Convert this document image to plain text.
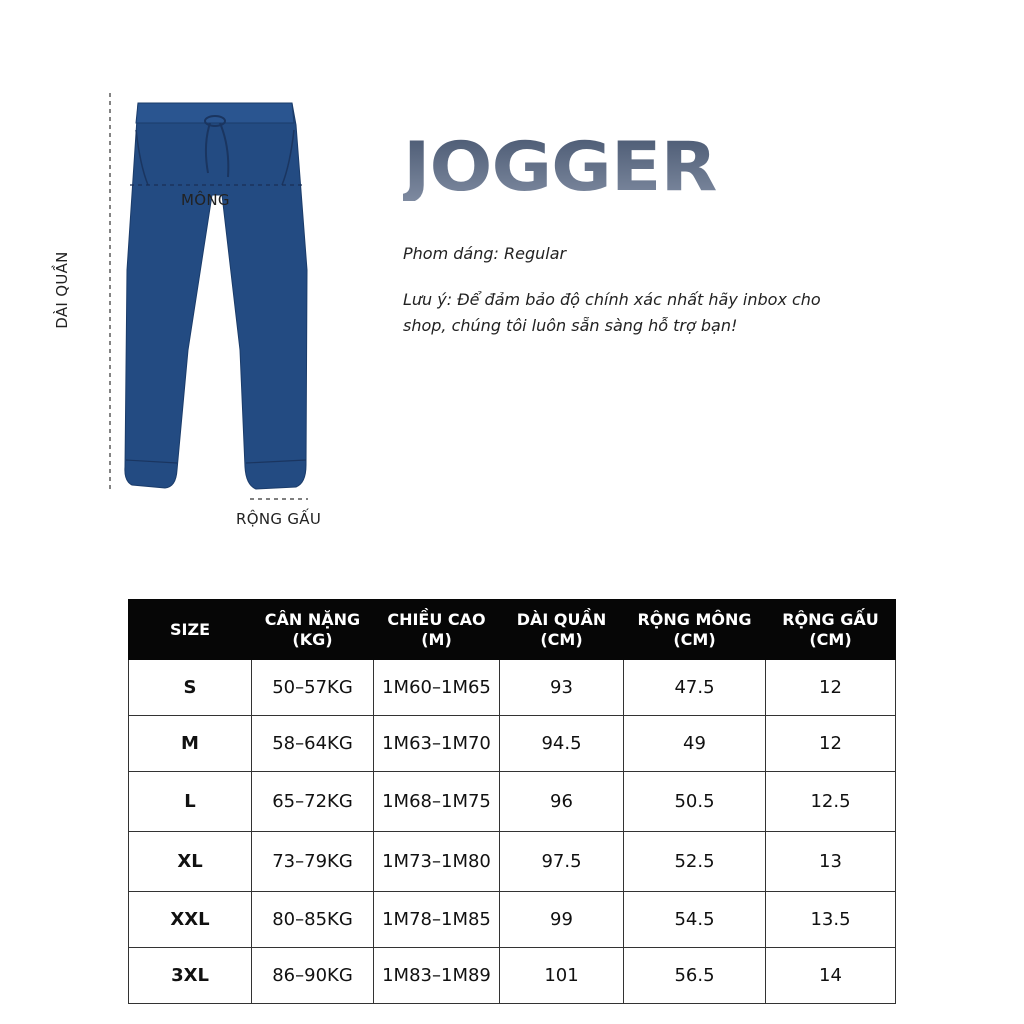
DÀI QUẦN
MÔNG
RỘNG GẤU
JOGGER
Phom dáng: Regular
Lưu ý: Để đảm bảo độ chính xác nhất hãy inbox cho shop, chúng tôi luôn sẵn sàng hỗ trợ bạn!
SIZE	CÂN NẶNG (KG)	CHIỀU CAO (M)	DÀI QUẦN (CM)	RỘNG MÔNG (CM)	RỘNG GẤU (CM)
S	50–57KG	1M60–1M65	93	47.5	12
M	58–64KG	1M63–1M70	94.5	49	12
L	65–72KG	1M68–1M75	96	50.5	12.5
XL	73–79KG	1M73–1M80	97.5	52.5	13
XXL	80–85KG	1M78–1M85	99	54.5	13.5
3XL	86–90KG	1M83–1M89	101	56.5	14
